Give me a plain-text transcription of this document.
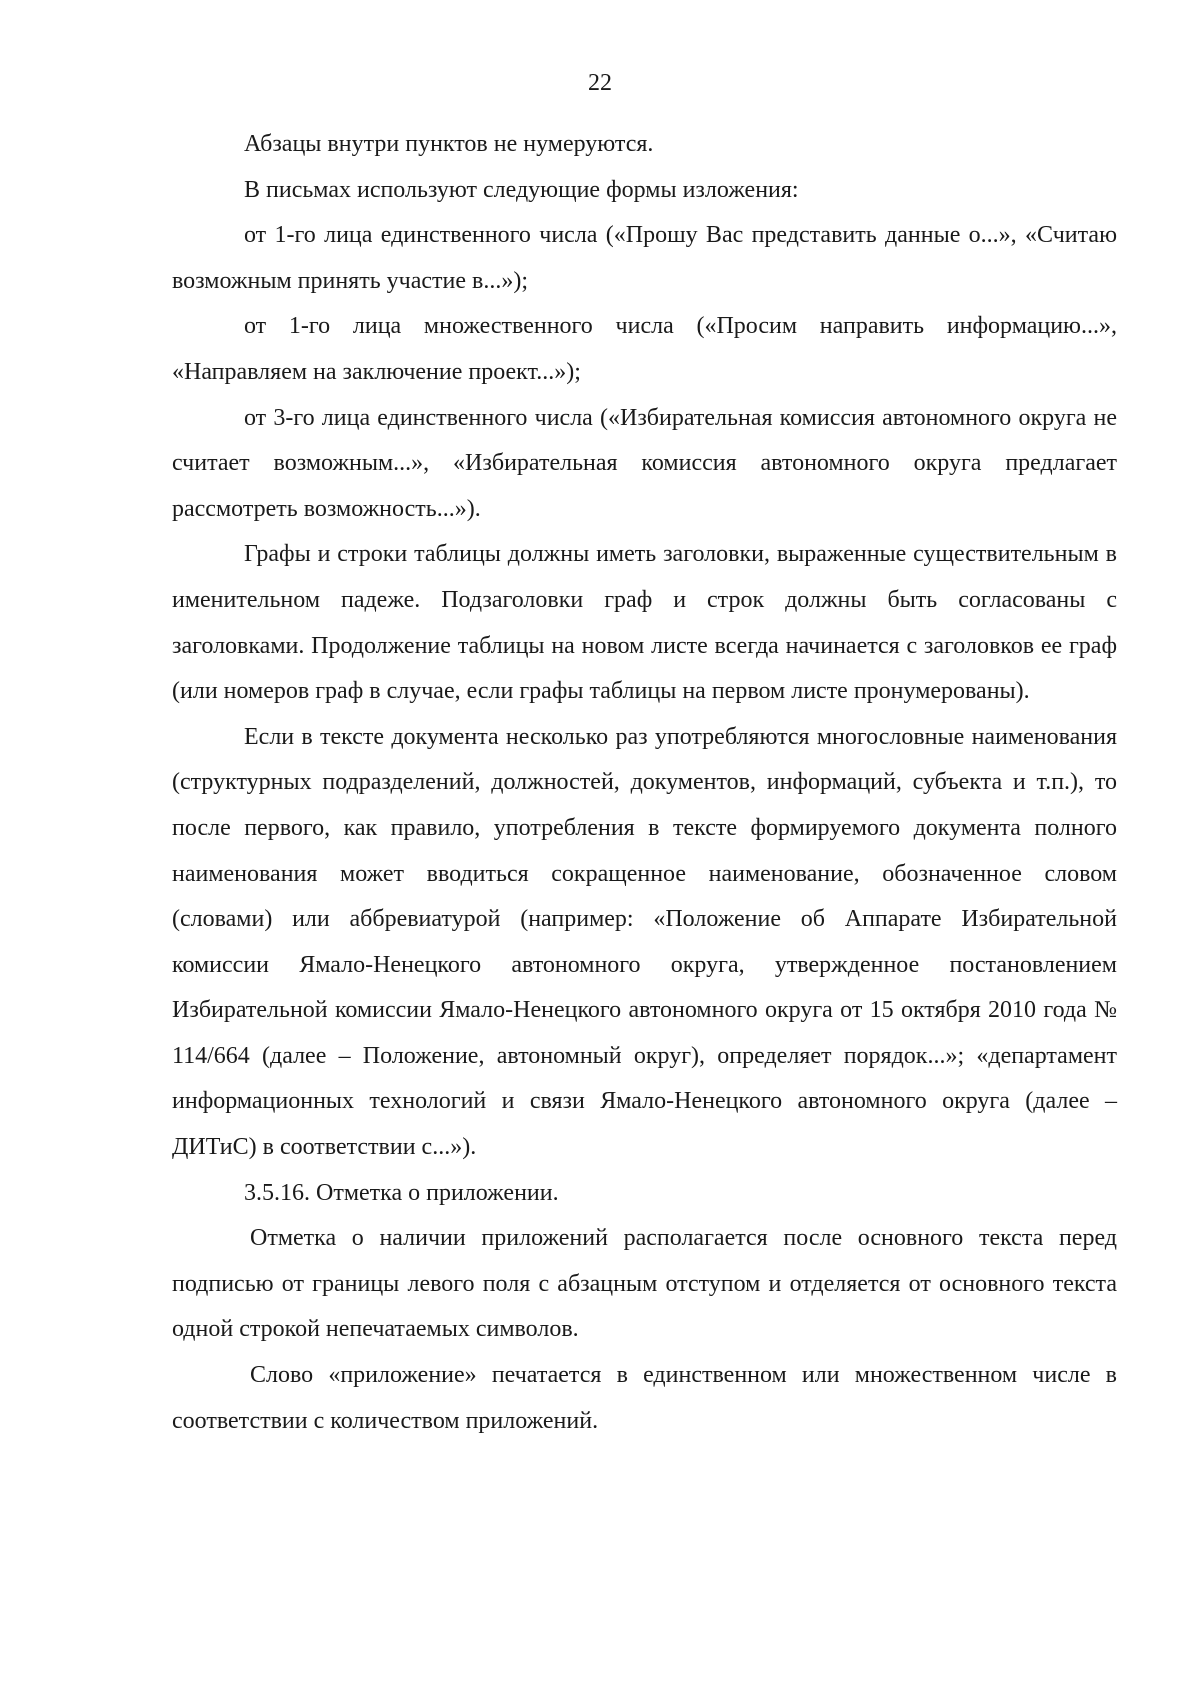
22

Абзацы внутри пунктов не нумеруются.

В письмах используют следующие формы изложения:

от 1-го лица единственного числа («Прошу Вас представить данные о...», «Считаю возможным принять участие в...»);

от 1-го лица множественного числа («Просим направить информацию...», «Направляем на заключение проект...»);

от 3-го лица единственного числа («Избирательная комиссия автономного округа не считает возможным...», «Избирательная комиссия автономного округа предлагает рассмотреть возможность...»).

Графы и строки таблицы должны иметь заголовки, выраженные существительным в именительном падеже. Подзаголовки граф и строк должны быть согласованы с заголовками. Продолжение таблицы на новом листе всегда начинается с заголовков ее граф (или номеров граф в случае, если графы таблицы на первом листе пронумерованы).

Если в тексте документа несколько раз употребляются многословные наименования (структурных подразделений, должностей, документов, информаций, субъекта и т.п.), то после первого, как правило, употребления в тексте формируемого документа полного наименования может вводиться сокращенное наименование, обозначенное словом (словами) или аббревиатурой (например: «Положение об Аппарате Избирательной комиссии Ямало-Ненецкого автономного округа, утвержденное постановлением Избирательной комиссии Ямало-Ненецкого автономного округа от 15 октября 2010 года № 114/664 (далее – Положение, автономный округ), определяет порядок...»; «департамент информационных технологий и связи Ямало-Ненецкого автономного округа (далее – ДИТиС) в соответствии с...»).

3.5.16. Отметка о приложении.

Отметка о наличии приложений располагается после основного текста перед подписью от границы левого поля с абзацным отступом и отделяется от основного текста одной строкой непечатаемых символов.

Слово «приложение» печатается в единственном или множественном числе в соответствии с количеством приложений.
